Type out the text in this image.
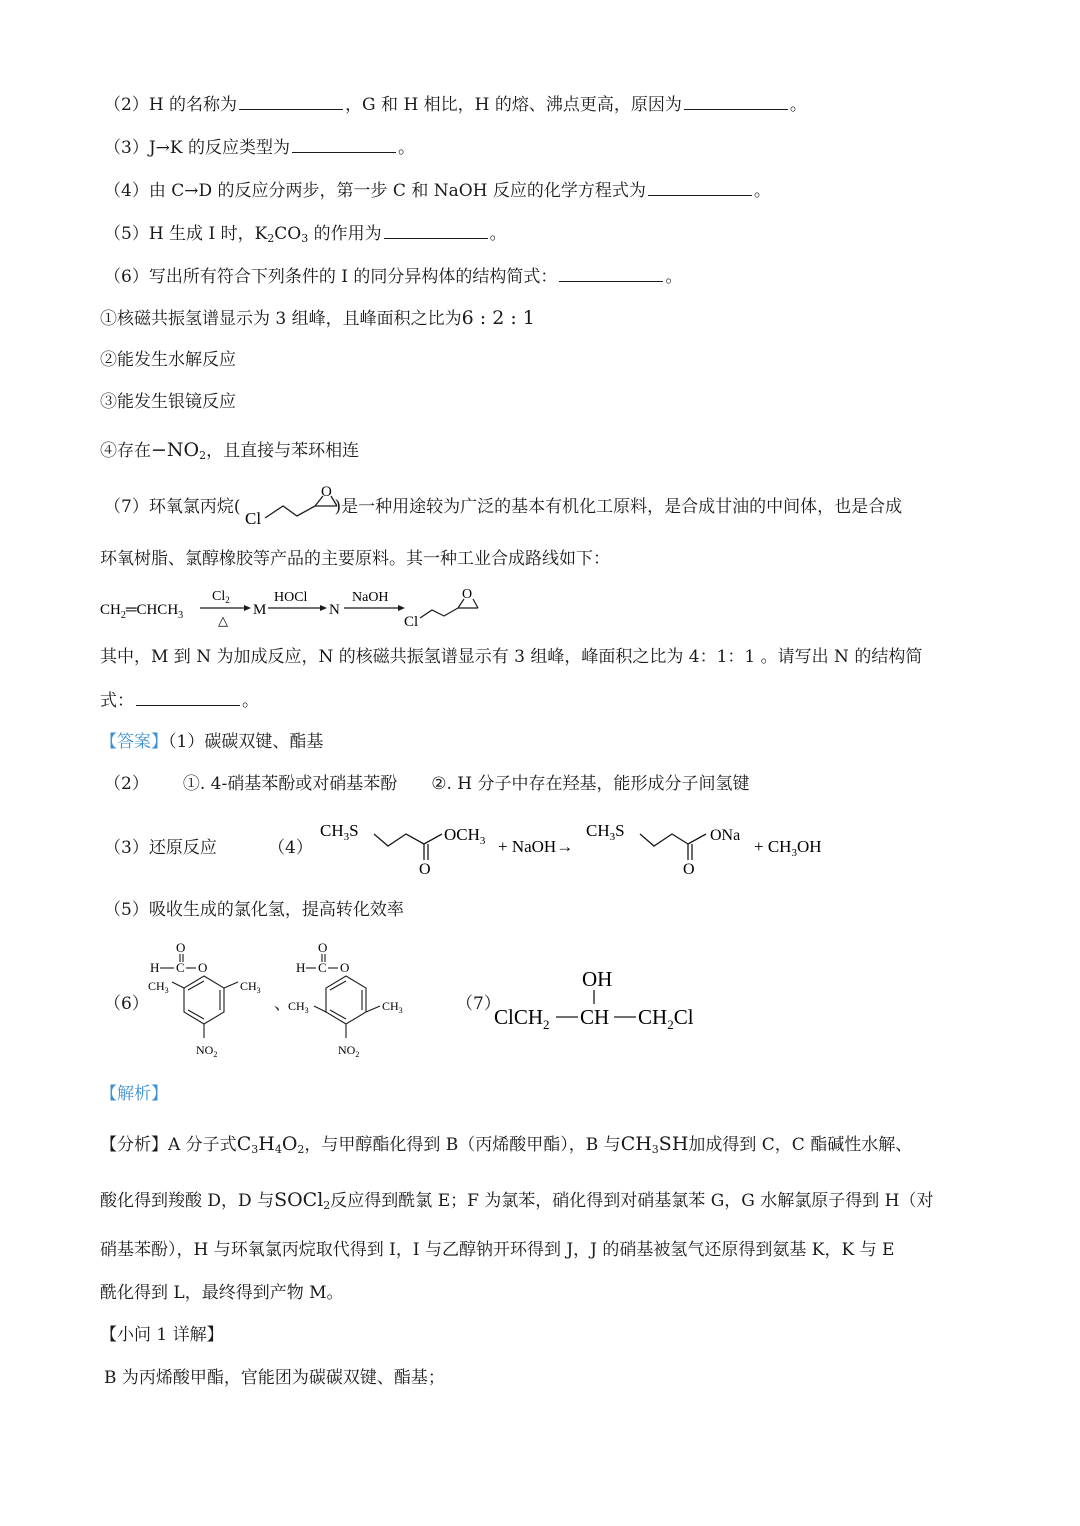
（2）H 的名称为	，G 和 H 相比，H 的熔、沸点更高，原因为	。
（3）J→K 的反应类型为	。
（4）由 C→D 的反应分两步，第一步 C 和 NaOH 反应的化学方程式为	。
（5）H 生成 I 时，$K_2CO_3$ 的作用为	。
（6）写出所有符合下列条件的 I 的同分异构体的结构简式：	。
①核磁共振氢谱显示为 3 组峰，且峰面积之比为6 : 2 : 1
②能发生水解反应
③能发生银镜反应
④存在$-NO_2$，且直接与苯环相连
（7）环氧氯丙烷(	)是一种用途较为广泛的基本有机化工原料，是合成甘油的中间体，也是合成
Cl
O
环氧树脂、氯醇橡胶等产品的主要原料。其一种工业合成路线如下：
$CH_2═CHCH_3$
$Cl_2$
△
M
HOCl
N
NaOH
Cl
O
其中，M 到 N 为加成反应，N 的核磁共振氢谱显示有 3 组峰，峰面积之比为 4：1：1 。请写出 N 的结构简
式：	。
【答案】（1）碳碳双键、酯基
（2） ①. 4-硝基苯酚或对硝基苯酚 ②. H 分子中存在羟基，能形成分子间氢键
（3）还原反应	（4）
$CH_3S$
O
$OCH_3$ + NaOH→
$CH_3S$
O
ONa
+ $CH_3OH$
（5）吸收生成的氯化氢，提高转化效率
（6）
O
H C O
$CH_3$	$CH_3$
$NO_2$
、
O
H C O
$CH_3$	$CH_3$
$NO_2$
（7）
OH
ClCH$_2$ CH $CH_2Cl$
【解析】
【分析】A 分子式$C_3H_4O_2$，与甲醇酯化得到 B（丙烯酸甲酯），B 与$CH_3SH$加成得到 C，C 酯碱性水解、
酸化得到羧酸 D，D 与SOCl$_2$反应得到酰氯 E；F 为氯苯，硝化得到对硝基氯苯 G，G 水解氯原子得到 H（对
硝基苯酚），H 与环氧氯丙烷取代得到 I，I 与乙醇钠开环得到 J，J 的硝基被氢气还原得到氨基 K，K 与 E
酰化得到 L，最终得到产物 M。
【小问 1 详解】
B 为丙烯酸甲酯，官能团为碳碳双键、酯基；
